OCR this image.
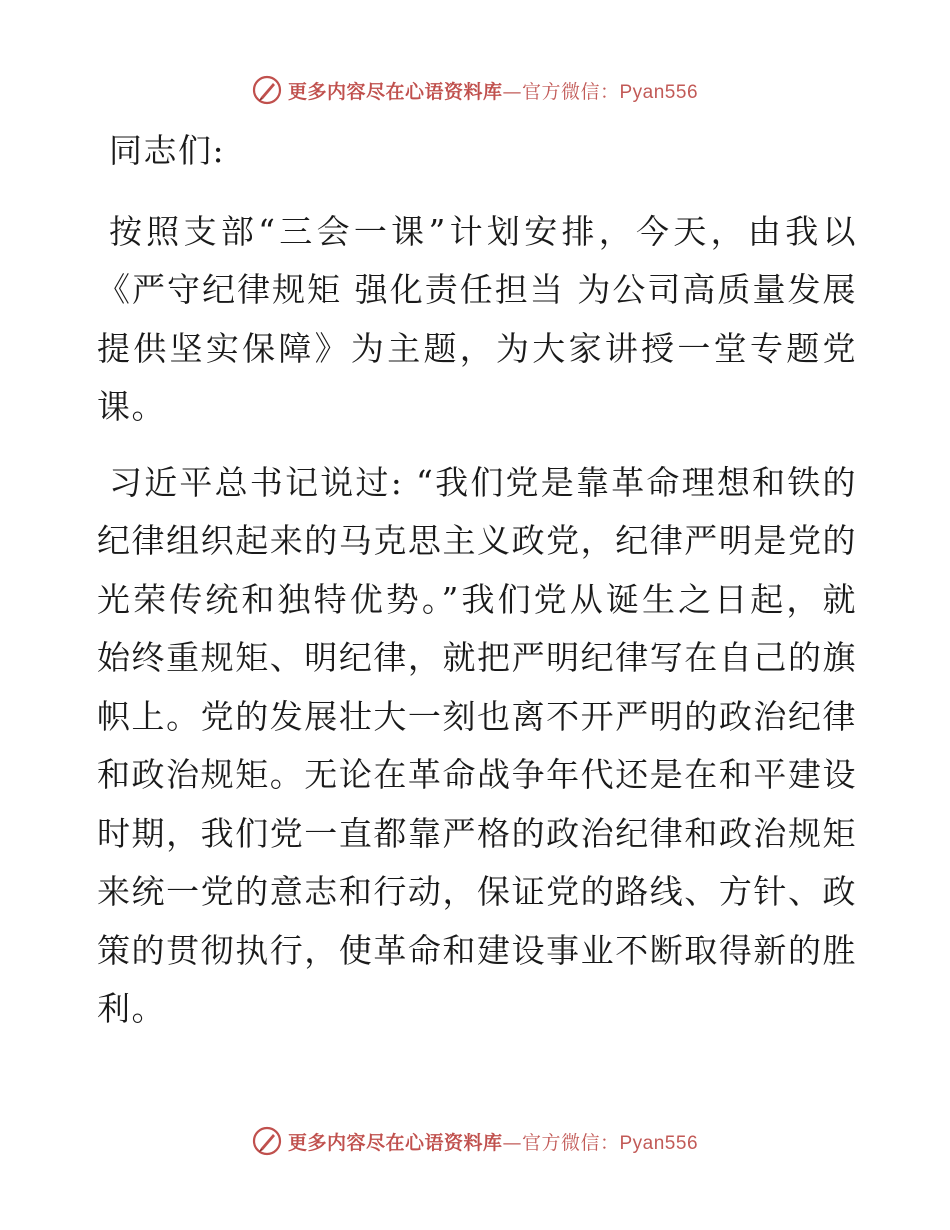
更多内容尽在心语资料库—官方微信：Pyan556

同志们:

按照支部“三会一课”计划安排，今天，由我以《严守纪律规矩 强化责任担当 为公司高质量发展提供坚实保障》为主题，为大家讲授一堂专题党课。

习近平总书记说过: “我们党是靠革命理想和铁的纪律组织起来的马克思主义政党，纪律严明是党的光荣传统和独特优势。”我们党从诞生之日起，就始终重规矩、明纪律，就把严明纪律写在自己的旗帜上。党的发展壮大一刻也离不开严明的政治纪律和政治规矩。无论在革命战争年代还是在和平建设时期，我们党一直都靠严格的政治纪律和政治规矩来统一党的意志和行动，保证党的路线、方针、政策的贯彻执行，使革命和建设事业不断取得新的胜利。

更多内容尽在心语资料库—官方微信：Pyan556
